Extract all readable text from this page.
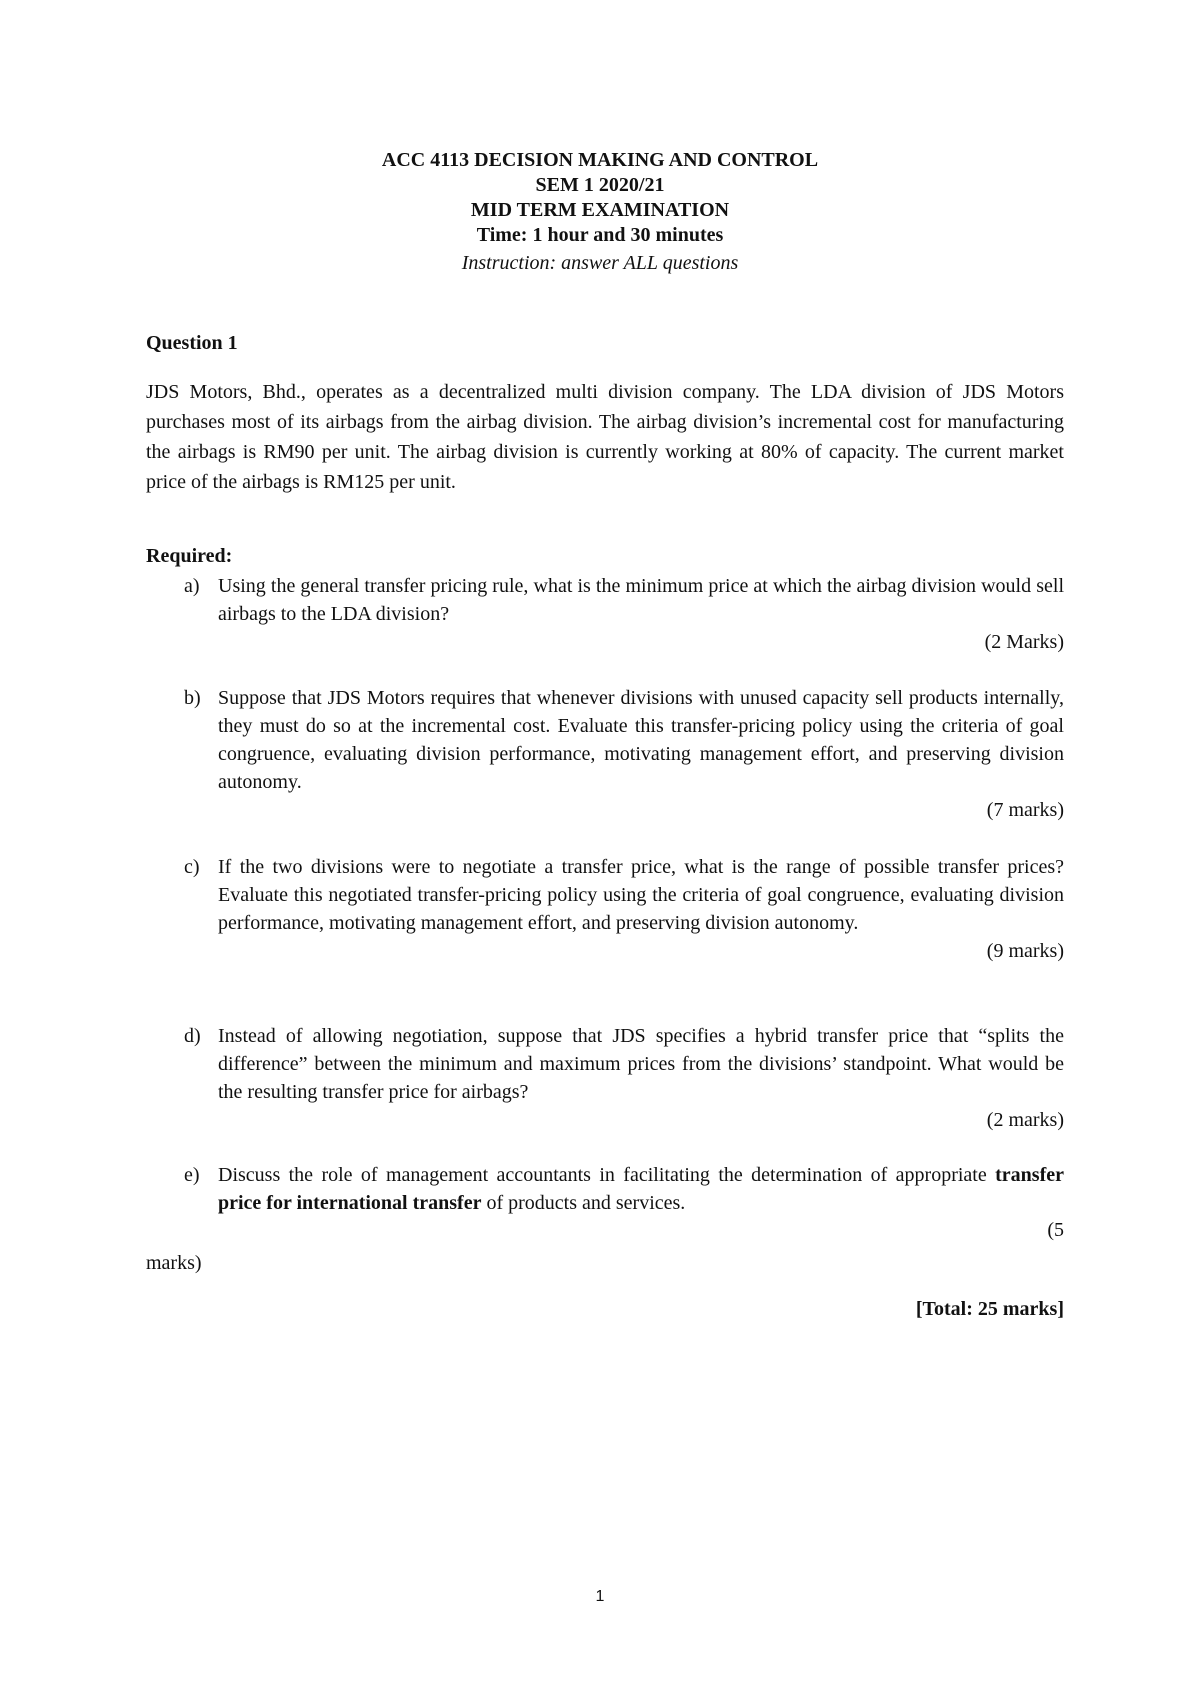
ACC 4113 DECISION MAKING AND CONTROL
SEM 1 2020/21
MID TERM EXAMINATION
Time: 1 hour and 30 minutes
Instruction: answer ALL questions
Question 1
JDS Motors, Bhd., operates as a decentralized multi division company. The LDA division of JDS Motors purchases most of its airbags from the airbag division. The airbag division’s incremental cost for manufacturing the airbags is RM90 per unit. The airbag division is currently working at 80% of capacity. The current market price of the airbags is RM125 per unit.
Required:
a) Using the general transfer pricing rule, what is the minimum price at which the airbag division would sell airbags to the LDA division?
(2 Marks)
b) Suppose that JDS Motors requires that whenever divisions with unused capacity sell products internally, they must do so at the incremental cost. Evaluate this transfer-pricing policy using the criteria of goal congruence, evaluating division performance, motivating management effort, and preserving division autonomy.
(7 marks)
c) If the two divisions were to negotiate a transfer price, what is the range of possible transfer prices? Evaluate this negotiated transfer-pricing policy using the criteria of goal congruence, evaluating division performance, motivating management effort, and preserving division autonomy.
(9 marks)
d) Instead of allowing negotiation, suppose that JDS specifies a hybrid transfer price that “splits the difference” between the minimum and maximum prices from the divisions’ standpoint. What would be the resulting transfer price for airbags?
(2 marks)
e) Discuss the role of management accountants in facilitating the determination of appropriate transfer price for international transfer of products and services.
(5
marks)
[Total: 25 marks]
1
